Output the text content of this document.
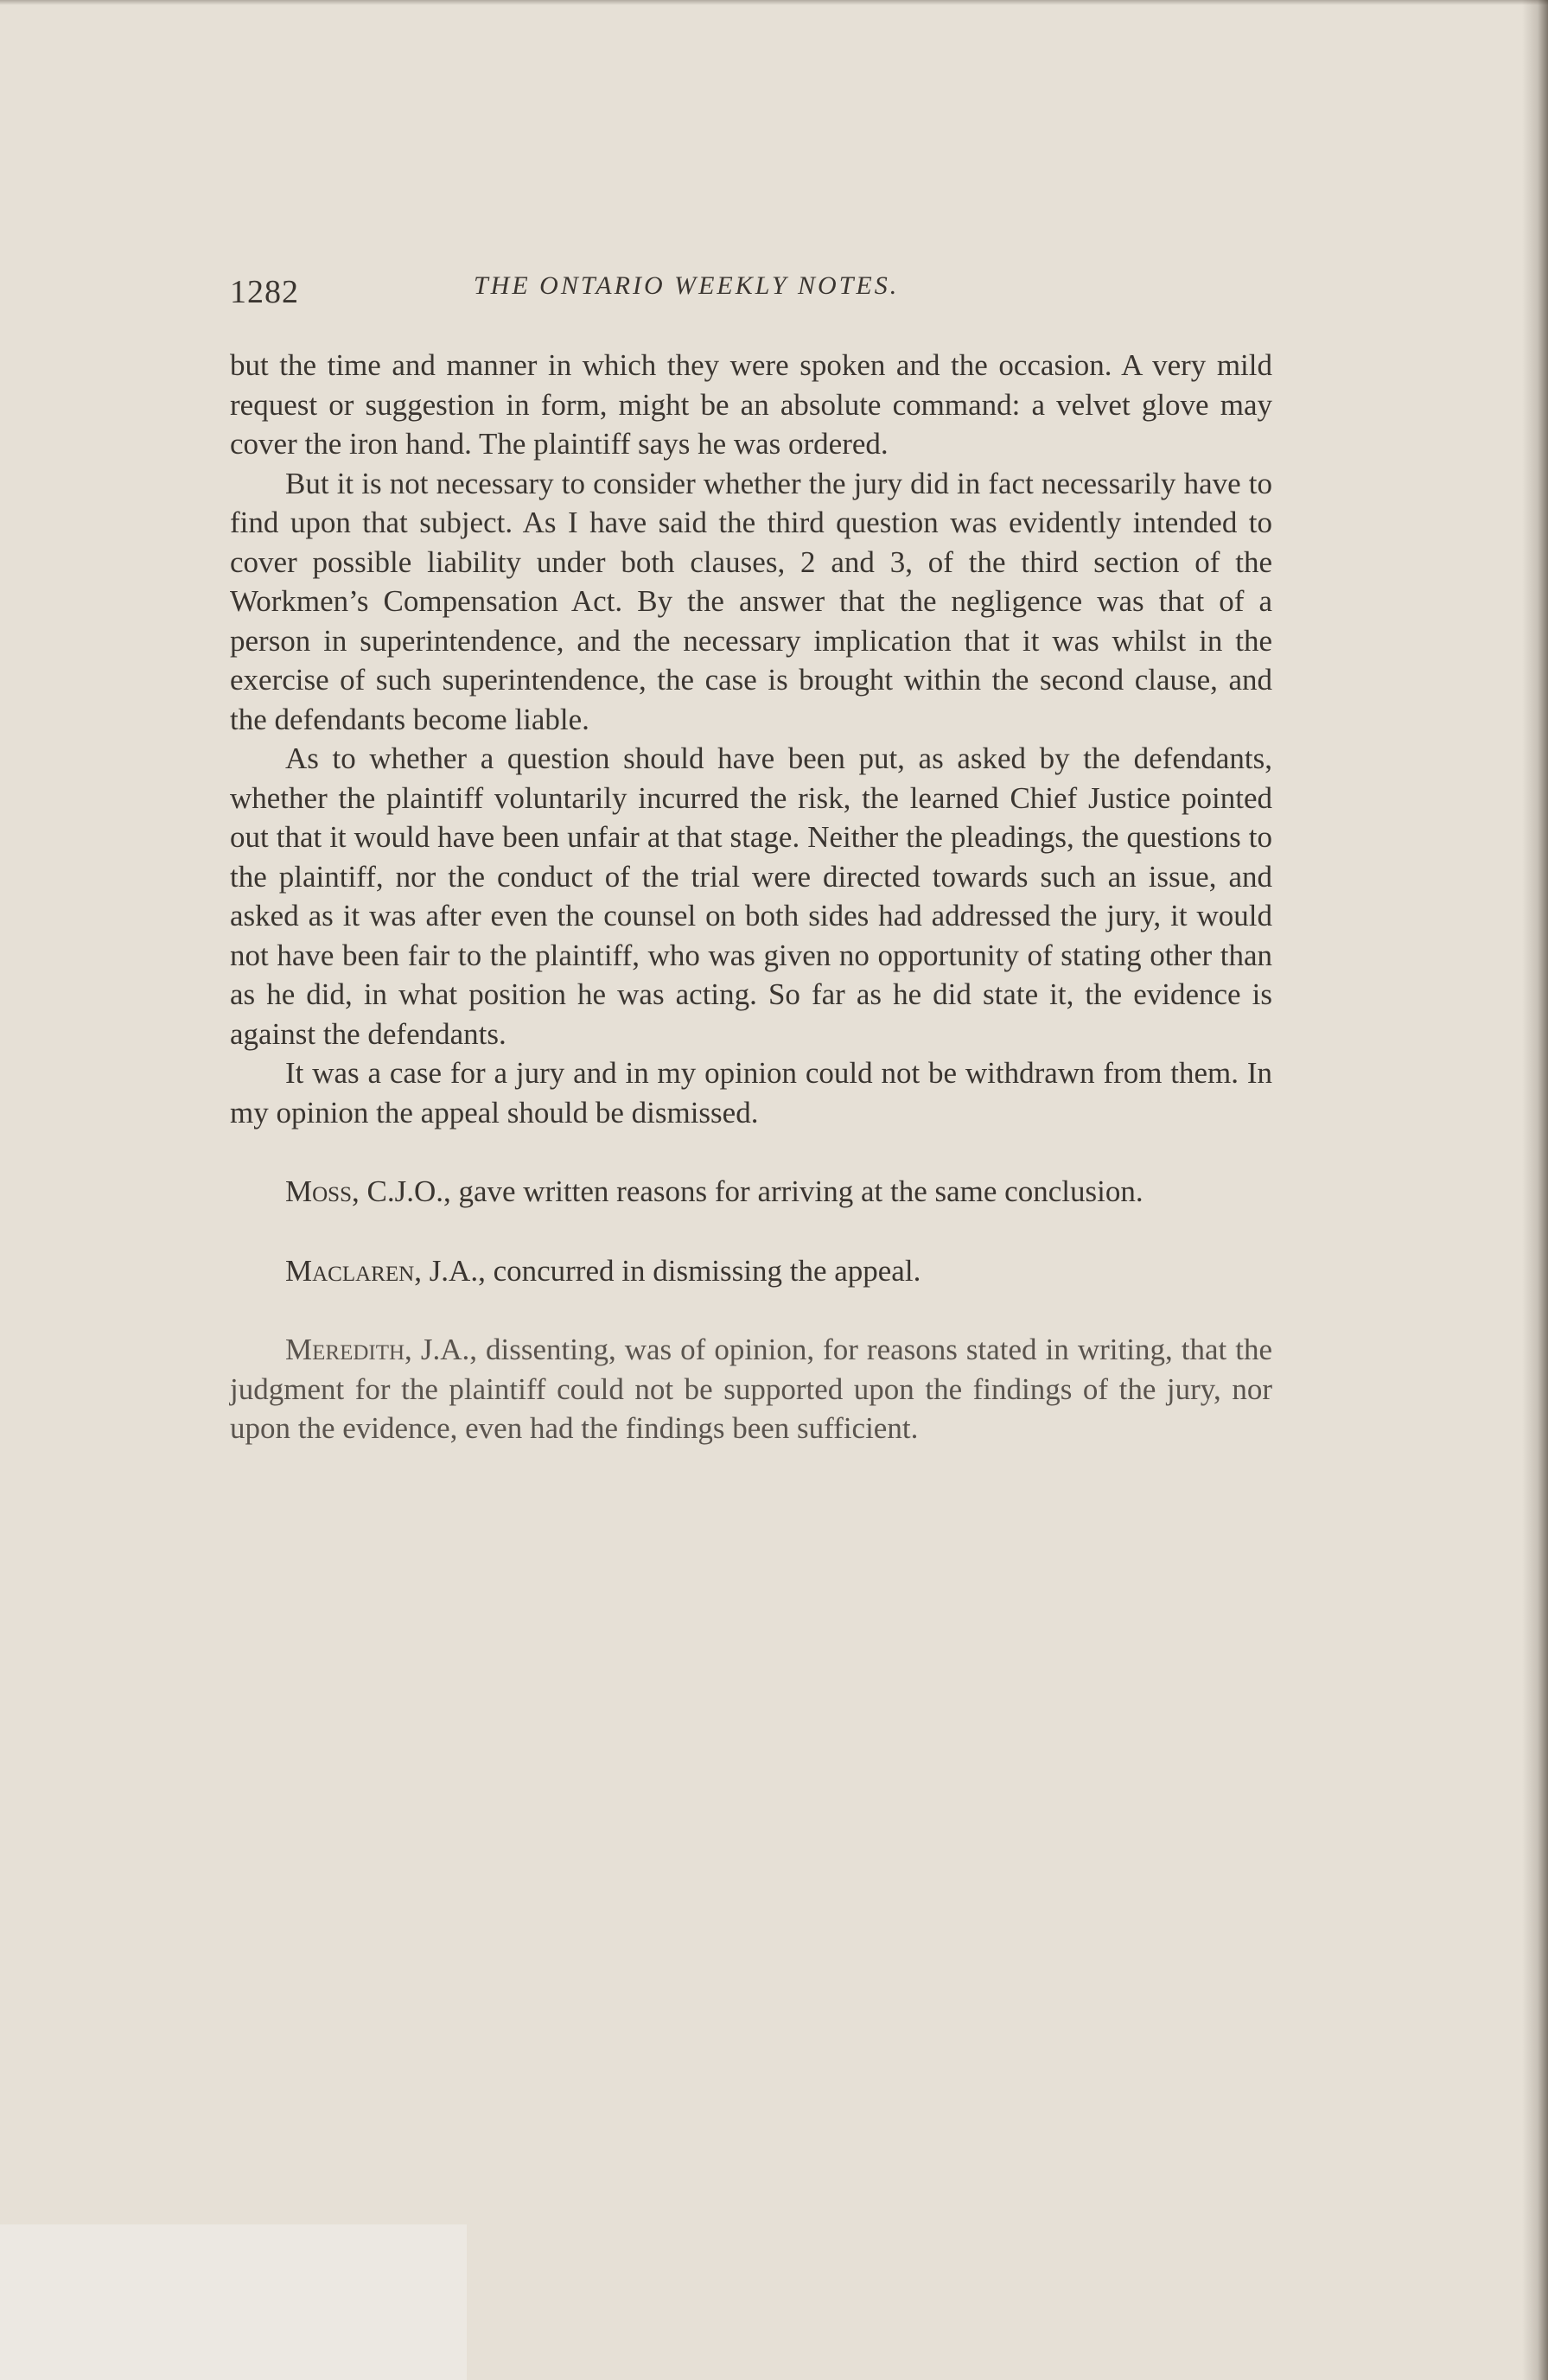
1282	THE ONTARIO WEEKLY NOTES.

but the time and manner in which they were spoken and the occasion. A very mild request or suggestion in form, might be an absolute command: a velvet glove may cover the iron hand. The plaintiff says he was ordered.

But it is not necessary to consider whether the jury did in fact necessarily have to find upon that subject. As I have said the third question was evidently intended to cover possible liability under both clauses, 2 and 3, of the third section of the Workmen’s Compensation Act. By the answer that the negligence was that of a person in superintendence, and the necessary implication that it was whilst in the exercise of such superintendence, the case is brought within the second clause, and the defendants become liable.

As to whether a question should have been put, as asked by the defendants, whether the plaintiff voluntarily incurred the risk, the learned Chief Justice pointed out that it would have been unfair at that stage. Neither the pleadings, the questions to the plaintiff, nor the conduct of the trial were directed towards such an issue, and asked as it was after even the counsel on both sides had addressed the jury, it would not have been fair to the plaintiff, who was given no opportunity of stating other than as he did, in what position he was acting. So far as he did state it, the evidence is against the defendants.

It was a case for a jury and in my opinion could not be withdrawn from them. In my opinion the appeal should be dismissed.

Moss, C.J.O., gave written reasons for arriving at the same conclusion.

Maclaren, J.A., concurred in dismissing the appeal.

Meredith, J.A., dissenting, was of opinion, for reasons stated in writing, that the judgment for the plaintiff could not be supported upon the findings of the jury, nor upon the evidence, even had the findings been sufficient.
